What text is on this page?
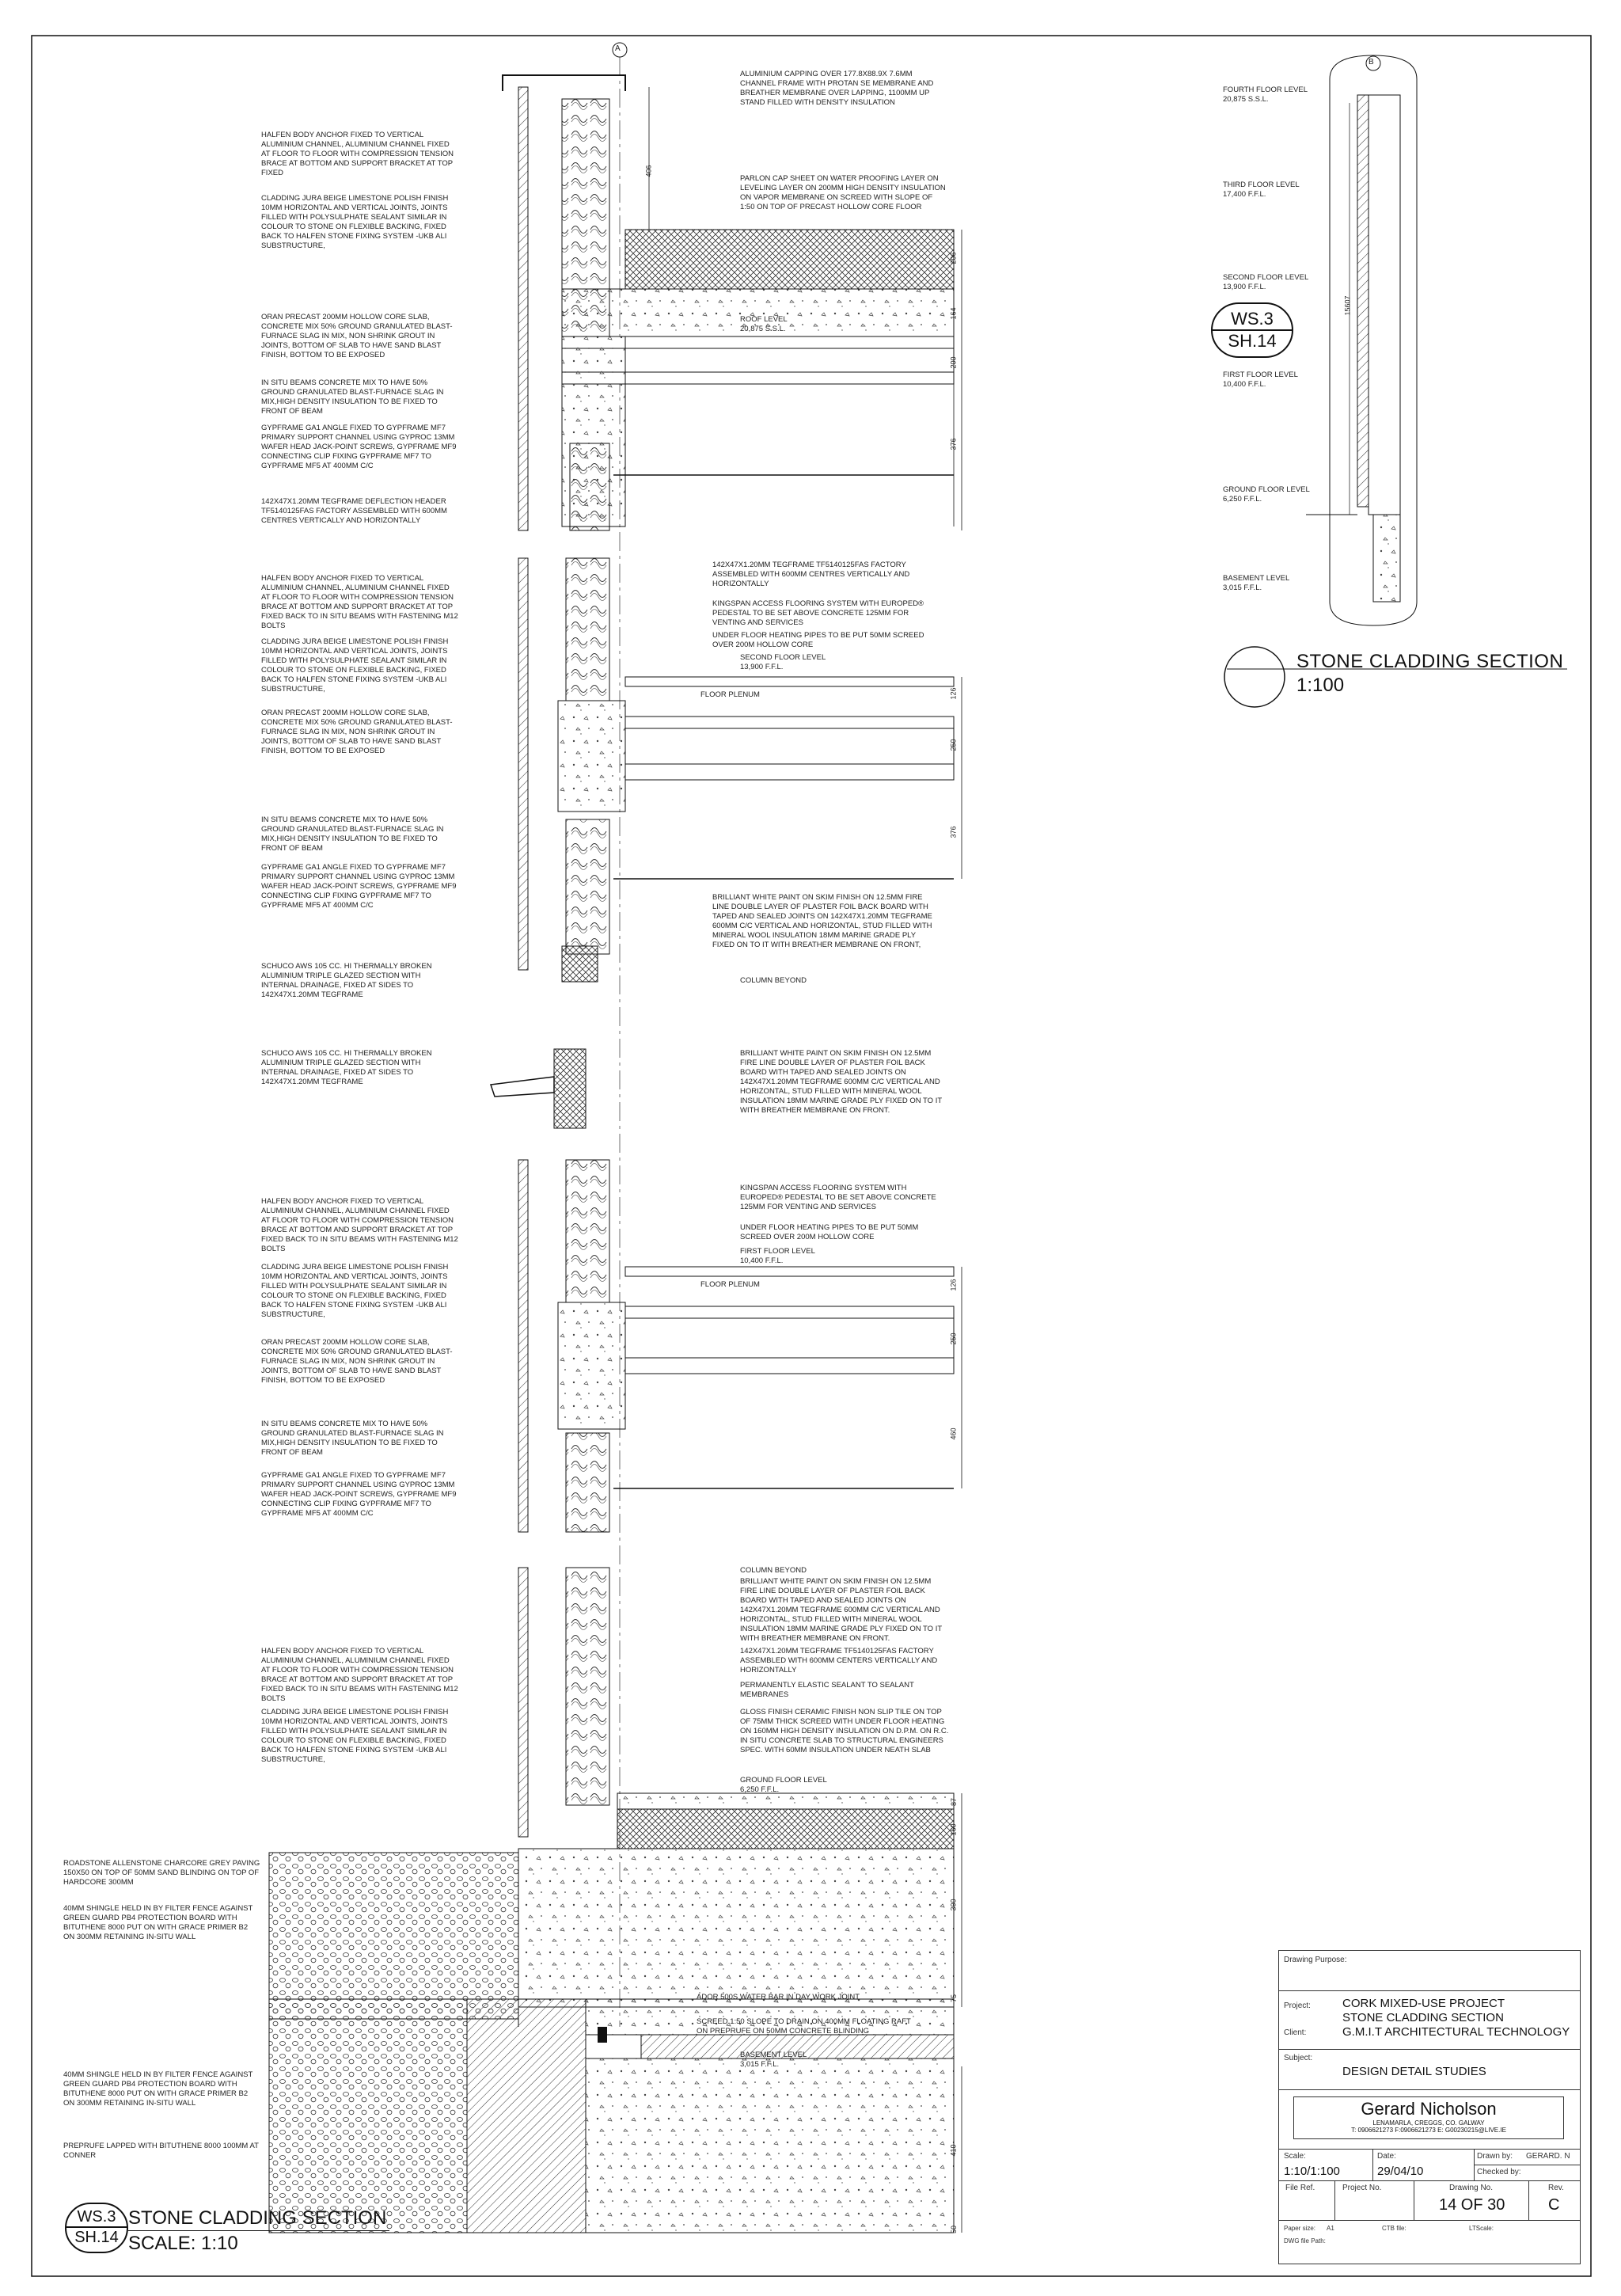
A
B
ALUMINIUM CAPPING OVER 177.8X88.9X 7.6MM CHANNEL FRAME WITH PROTAN SE MEMBRANE AND BREATHER MEMBRANE OVER LAPPING, 1100MM UP STAND FILLED WITH DENSITY INSULATION
PARLON CAP SHEET ON WATER PROOFING LAYER ON LEVELING LAYER ON 200MM HIGH DENSITY INSULATION ON VAPOR MEMBRANE ON SCREED WITH SLOPE OF 1:50 ON TOP OF PRECAST HOLLOW CORE FLOOR
HALFEN BODY ANCHOR FIXED TO VERTICAL ALUMINIUM CHANNEL, ALUMINIUM CHANNEL FIXED AT FLOOR TO FLOOR WITH COMPRESSION TENSION BRACE AT BOTTOM AND SUPPORT BRACKET AT TOP FIXED
CLADDING JURA BEIGE LIMESTONE POLISH FINISH 10MM HORIZONTAL AND VERTICAL JOINTS, JOINTS FILLED WITH POLYSULPHATE SEALANT SIMILAR IN COLOUR TO STONE ON FLEXIBLE BACKING, FIXED BACK TO HALFEN STONE FIXING SYSTEM -UKB ALI SUBSTRUCTURE,
ORAN PRECAST 200MM HOLLOW CORE SLAB, CONCRETE MIX 50% GROUND GRANULATED BLAST-FURNACE SLAG IN MIX, NON SHRINK GROUT IN JOINTS, BOTTOM OF SLAB TO HAVE SAND BLAST FINISH, BOTTOM TO BE EXPOSED
IN SITU BEAMS CONCRETE MIX TO HAVE 50% GROUND GRANULATED BLAST-FURNACE SLAG IN MIX,HIGH DENSITY INSULATION TO BE FIXED TO FRONT OF BEAM
GYPFRAME GA1 ANGLE FIXED TO GYPFRAME MF7 PRIMARY SUPPORT CHANNEL USING GYPROC 13MM WAFER HEAD JACK-POINT SCREWS, GYPFRAME MF9 CONNECTING CLIP FIXING GYPFRAME MF7 TO GYPFRAME MF5 AT 400MM C/C
142X47X1.20MM TEGFRAME DEFLECTION HEADER TF5140125FAS FACTORY ASSEMBLED WITH 600MM CENTRES VERTICALLY AND HORIZONTALLY
ROOF LEVEL
20,875 S.S.L.
SECOND FLOOR LEVEL
13,900 F.F.L.
FIRST FLOOR LEVEL
10,400 F.F.L.
GROUND FLOOR LEVEL
6,250 F.F.L.
BASEMENT LEVEL
3,015 F.F.L.
FLOOR PLENUM
FLOOR PLENUM
COLUMN BEYOND
COLUMN BEYOND
406
206
164
200
376
126
250
376
126
250
460
87
160
300
75
410
50
15607
HALFEN BODY ANCHOR FIXED TO VERTICAL ALUMINIUM CHANNEL, ALUMINIUM CHANNEL FIXED AT FLOOR TO FLOOR WITH COMPRESSION TENSION BRACE AT BOTTOM AND SUPPORT BRACKET AT TOP FIXED BACK TO IN SITU BEAMS WITH FASTENING M12 BOLTS
CLADDING JURA BEIGE LIMESTONE POLISH FINISH 10MM HORIZONTAL AND VERTICAL JOINTS, JOINTS FILLED WITH POLYSULPHATE SEALANT SIMILAR IN COLOUR TO STONE ON FLEXIBLE BACKING, FIXED BACK TO HALFEN STONE FIXING SYSTEM -UKB ALI SUBSTRUCTURE,
ORAN PRECAST 200MM HOLLOW CORE SLAB, CONCRETE MIX 50% GROUND GRANULATED BLAST-FURNACE SLAG IN MIX, NON SHRINK GROUT IN JOINTS, BOTTOM OF SLAB TO HAVE SAND BLAST FINISH, BOTTOM TO BE EXPOSED
IN SITU BEAMS CONCRETE MIX TO HAVE 50% GROUND GRANULATED BLAST-FURNACE SLAG IN MIX,HIGH DENSITY INSULATION TO BE FIXED TO FRONT OF BEAM
GYPFRAME GA1 ANGLE FIXED TO GYPFRAME MF7 PRIMARY SUPPORT CHANNEL USING GYPROC 13MM WAFER HEAD JACK-POINT SCREWS, GYPFRAME MF9 CONNECTING CLIP FIXING GYPFRAME MF7 TO GYPFRAME MF5 AT 400MM C/C
SCHUCO AWS 105 CC. HI THERMALLY BROKEN ALUMINIUM TRIPLE GLAZED SECTION WITH INTERNAL DRAINAGE, FIXED AT SIDES TO 142X47X1.20MM TEGFRAME
142X47X1.20MM TEGFRAME TF5140125FAS FACTORY ASSEMBLED WITH 600MM CENTRES VERTICALLY AND HORIZONTALLY
KINGSPAN ACCESS FLOORING SYSTEM WITH EUROPED® PEDESTAL TO BE SET ABOVE CONCRETE 125MM FOR VENTING AND SERVICES
UNDER FLOOR HEATING PIPES TO BE PUT 50MM SCREED OVER 200M HOLLOW CORE
BRILLIANT WHITE PAINT ON SKIM FINISH ON 12.5MM FIRE LINE DOUBLE LAYER OF PLASTER FOIL BACK BOARD WITH TAPED AND SEALED JOINTS ON 142X47X1.20MM TEGFRAME 600MM C/C VERTICAL AND HORIZONTAL, STUD FILLED WITH MINERAL WOOL INSULATION 18MM MARINE GRADE PLY FIXED ON TO IT WITH BREATHER MEMBRANE ON FRONT,
SCHUCO AWS 105 CC. HI THERMALLY BROKEN ALUMINIUM TRIPLE GLAZED SECTION WITH INTERNAL DRAINAGE, FIXED AT SIDES TO 142X47X1.20MM TEGFRAME
BRILLIANT WHITE PAINT ON SKIM FINISH ON 12.5MM FIRE LINE DOUBLE LAYER OF PLASTER FOIL BACK BOARD WITH TAPED AND SEALED JOINTS ON 142X47X1.20MM TEGFRAME 600MM C/C VERTICAL AND HORIZONTAL, STUD FILLED WITH MINERAL WOOL INSULATION 18MM MARINE GRADE PLY FIXED ON TO IT WITH BREATHER MEMBRANE ON FRONT.
HALFEN BODY ANCHOR FIXED TO VERTICAL ALUMINIUM CHANNEL, ALUMINIUM CHANNEL FIXED AT FLOOR TO FLOOR WITH COMPRESSION TENSION BRACE AT BOTTOM AND SUPPORT BRACKET AT TOP FIXED BACK TO IN SITU BEAMS WITH FASTENING M12 BOLTS
CLADDING JURA BEIGE LIMESTONE POLISH FINISH 10MM HORIZONTAL AND VERTICAL JOINTS, JOINTS FILLED WITH POLYSULPHATE SEALANT SIMILAR IN COLOUR TO STONE ON FLEXIBLE BACKING, FIXED BACK TO HALFEN STONE FIXING SYSTEM -UKB ALI SUBSTRUCTURE,
ORAN PRECAST 200MM HOLLOW CORE SLAB, CONCRETE MIX 50% GROUND GRANULATED BLAST-FURNACE SLAG IN MIX, NON SHRINK GROUT IN JOINTS, BOTTOM OF SLAB TO HAVE SAND BLAST FINISH, BOTTOM TO BE EXPOSED
IN SITU BEAMS CONCRETE MIX TO HAVE 50% GROUND GRANULATED BLAST-FURNACE SLAG IN MIX,HIGH DENSITY INSULATION TO BE FIXED TO FRONT OF BEAM
GYPFRAME GA1 ANGLE FIXED TO GYPFRAME MF7 PRIMARY SUPPORT CHANNEL USING GYPROC 13MM WAFER HEAD JACK-POINT SCREWS, GYPFRAME MF9 CONNECTING CLIP FIXING GYPFRAME MF7 TO GYPFRAME MF5 AT 400MM C/C
KINGSPAN ACCESS FLOORING SYSTEM WITH EUROPED® PEDESTAL TO BE SET ABOVE CONCRETE 125MM FOR VENTING AND SERVICES
UNDER FLOOR HEATING PIPES TO BE PUT 50MM SCREED OVER 200M HOLLOW CORE
HALFEN BODY ANCHOR FIXED TO VERTICAL ALUMINIUM CHANNEL, ALUMINIUM CHANNEL FIXED AT FLOOR TO FLOOR WITH COMPRESSION TENSION BRACE AT BOTTOM AND SUPPORT BRACKET AT TOP FIXED BACK TO IN SITU BEAMS WITH FASTENING M12 BOLTS
CLADDING JURA BEIGE LIMESTONE POLISH FINISH 10MM HORIZONTAL AND VERTICAL JOINTS, JOINTS FILLED WITH POLYSULPHATE SEALANT SIMILAR IN COLOUR TO STONE ON FLEXIBLE BACKING, FIXED BACK TO HALFEN STONE FIXING SYSTEM -UKB ALI SUBSTRUCTURE,
ROADSTONE ALLENSTONE CHARCORE GREY PAVING 150X50 ON TOP OF 50MM SAND BLINDING ON TOP OF HARDCORE 300MM
40MM SHINGLE HELD IN BY FILTER FENCE AGAINST GREEN GUARD PB4 PROTECTION BOARD WITH BITUTHENE 8000 PUT ON WITH GRACE PRIMER B2 ON 300MM RETAINING IN-SITU WALL
BRILLIANT WHITE PAINT ON SKIM FINISH ON 12.5MM FIRE LINE DOUBLE LAYER OF PLASTER FOIL BACK BOARD WITH TAPED AND SEALED JOINTS ON 142X47X1.20MM TEGFRAME 600MM C/C VERTICAL AND HORIZONTAL, STUD FILLED WITH MINERAL WOOL INSULATION 18MM MARINE GRADE PLY FIXED ON TO IT WITH BREATHER MEMBRANE ON FRONT.
142X47X1.20MM TEGFRAME TF5140125FAS FACTORY ASSEMBLED WITH 600MM CENTERS VERTICALLY AND HORIZONTALLY
PERMANENTLY ELASTIC SEALANT TO SEALANT MEMBRANES
GLOSS FINISH CERAMIC FINISH NON SLIP TILE ON TOP OF 75MM THICK SCREED WITH UNDER FLOOR HEATING ON 160MM HIGH DENSITY INSULATION ON D.P.M. ON R.C. IN SITU CONCRETE SLAB TO STRUCTURAL ENGINEERS SPEC. WITH 60MM INSULATION UNDER NEATH SLAB
40MM SHINGLE HELD IN BY FILTER FENCE AGAINST GREEN GUARD PB4 PROTECTION BOARD WITH BITUTHENE 8000 PUT ON WITH GRACE PRIMER B2 ON 300MM RETAINING IN-SITU WALL
PREPRUFE LAPPED WITH BITUTHENE 8000 100MM AT CONNER
ADOR 500S WATER BAR IN DAY WORK JOINT
SCREED 1:50 SLOPE TO DRAIN ON 400MM FLOATING RAFT ON PREPRUFE ON 50MM CONCRETE BLINDING
FOURTH FLOOR LEVEL
20,875 S.S.L.
THIRD FLOOR LEVEL
17,400 F.F.L.
SECOND FLOOR LEVEL
13,900 F.F.L.
FIRST FLOOR LEVEL
10,400 F.F.L.
GROUND FLOOR LEVEL
6,250 F.F.L.
BASEMENT LEVEL
3,015 F.F.L.
WS.3
SH.14
STONE CLADDING SECTION
1:100
WS.3
SH.14
STONE CLADDING SECTION
SCALE: 1:10
Drawing Purpose:
Project:	CORK MIXED-USE PROJECT
STONE CLADDING SECTION
Client:	G.M.I.T ARCHITECTURAL TECHNOLOGY
Subject:
DESIGN DETAIL STUDIES
Gerard Nicholson
LENAMARLA, CREGGS, CO. GALWAY
T: 0906621273 F:0906621273 E: G00230215@LIVE.IE
Scale:
1:10/1:100
Date:
29/04/10
Drawn by: GERARD. N
Checked by:
File Ref.	Project No.	Drawing No.
14 OF 30
Rev.
C
Paper size: A1	CTB file:	LTScale:
DWG file Path:
